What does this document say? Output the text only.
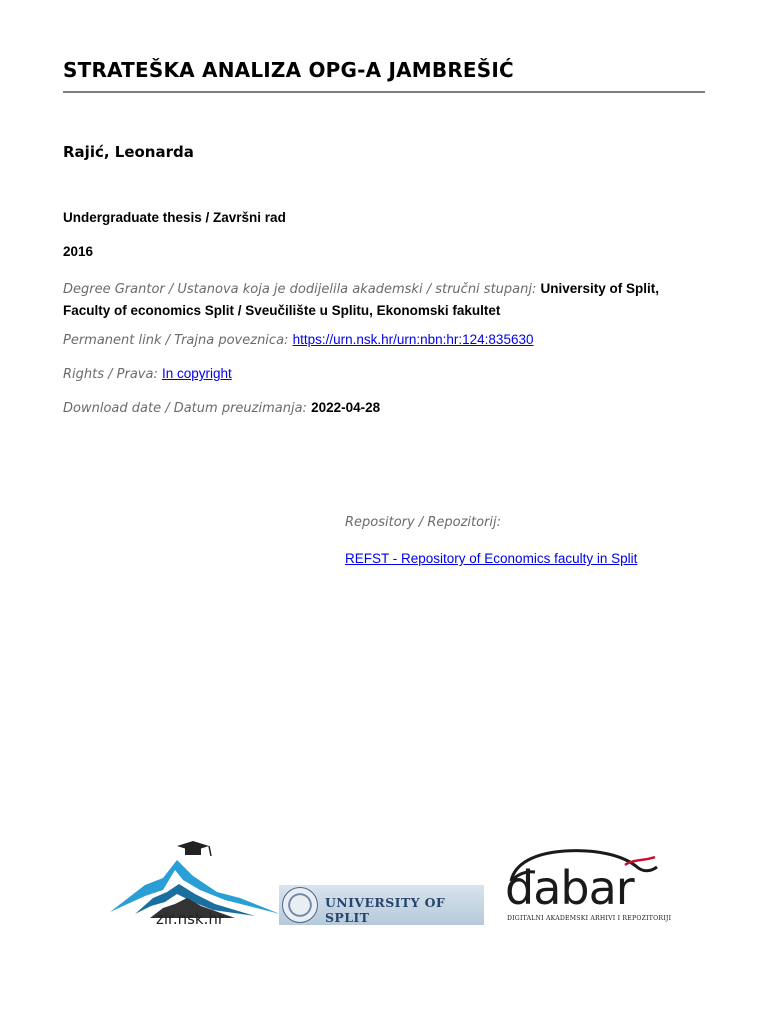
STRATEŠKA ANALIZA OPG-A JAMBREŠIĆ
Rajić, Leonarda
Undergraduate thesis / Završni rad
2016
Degree Grantor / Ustanova koja je dodijelila akademski / stručni stupanj: University of Split, Faculty of economics Split / Sveučilište u Splitu, Ekonomski fakultet
Permanent link / Trajna poveznica: https://urn.nsk.hr/urn:nbn:hr:124:835630
Rights / Prava: In copyright
Download date / Datum preuzimanja: 2022-04-28
Repository / Repozitorij:
REFST - Repository of Economics faculty in Split
zir.nsk.hr
UNIVERSITY OF SPLIT
dabar
DIGITALNI AKADEMSKI ARHIVI I REPOZITORIJI
